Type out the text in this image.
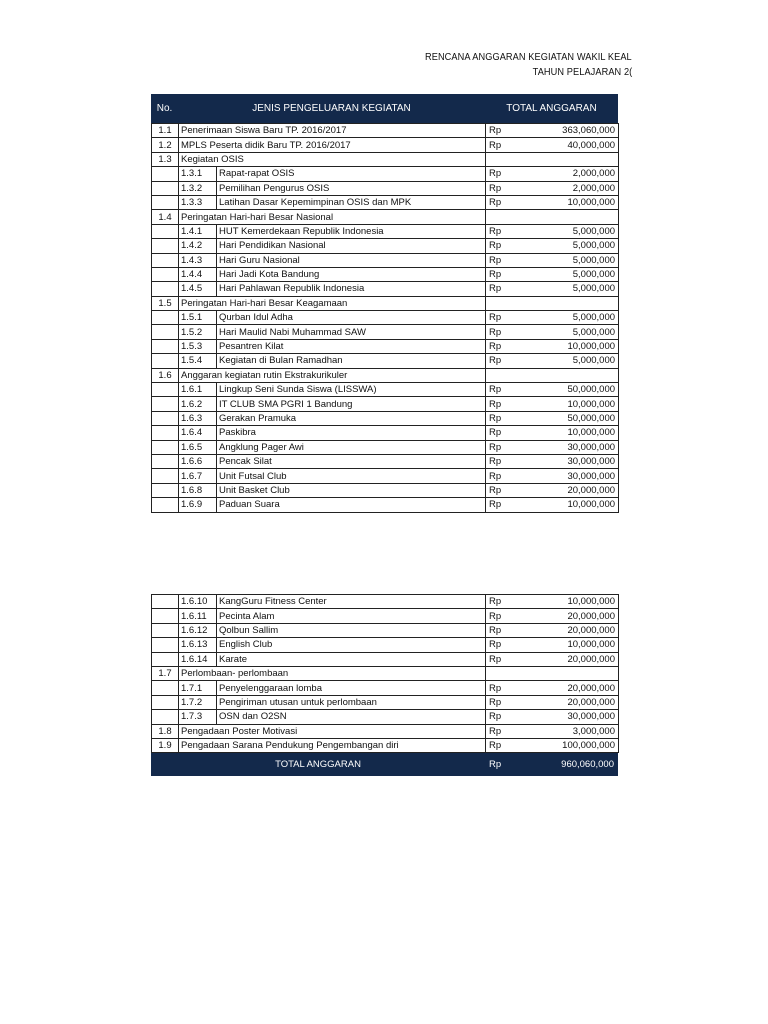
RENCANA ANGGARAN KEGIATAN WAKIL KEAL
TAHUN PELAJARAN 2(
No.	JENIS PENGELUARAN KEGIATAN	TOTAL ANGGARAN
1.1	Penerimaan Siswa Baru TP. 2016/2017		Rp	363,060,000
1.2	MPLS Peserta didik Baru TP. 2016/2017		Rp	40,000,000
1.3	Kegiatan OSIS			
	1.3.1	Rapat-rapat OSIS	Rp	2,000,000
	1.3.2	Pemilihan Pengurus OSIS	Rp	2,000,000
	1.3.3	Latihan Dasar Kepemimpinan OSIS dan MPK	Rp	10,000,000
1.4	Peringatan Hari-hari Besar Nasional			
	1.4.1	HUT Kemerdekaan Republik Indonesia	Rp	5,000,000
	1.4.2	Hari Pendidikan Nasional	Rp	5,000,000
	1.4.3	Hari Guru Nasional	Rp	5,000,000
	1.4.4	Hari Jadi Kota Bandung	Rp	5,000,000
	1.4.5	Hari Pahlawan Republik Indonesia	Rp	5,000,000
1.5	Peringatan Hari-hari Besar Keagamaan			
	1.5.1	Qurban Idul Adha	Rp	5,000,000
	1.5.2	Hari Maulid Nabi Muhammad SAW	Rp	5,000,000
	1.5.3	Pesantren Kilat	Rp	10,000,000
	1.5.4	Kegiatan di Bulan Ramadhan	Rp	5,000,000
1.6	Anggaran kegiatan rutin Ekstrakurikuler			
	1.6.1	Lingkup Seni Sunda Siswa (LISSWA)	Rp	50,000,000
	1.6.2	IT CLUB SMA PGRI 1 Bandung	Rp	10,000,000
	1.6.3	Gerakan Pramuka	Rp	50,000,000
	1.6.4	Paskibra	Rp	10,000,000
	1.6.5	Angklung Pager Awi	Rp	30,000,000
	1.6.6	Pencak Silat	Rp	30,000,000
	1.6.7	Unit Futsal Club	Rp	30,000,000
	1.6.8	Unit Basket Club	Rp	20,000,000
	1.6.9	Paduan Suara	Rp	10,000,000
	1.6.10	KangGuru Fitness Center	Rp	10,000,000
	1.6.11	Pecinta Alam	Rp	20,000,000
	1.6.12	Qolbun Sallim	Rp	20,000,000
	1.6.13	English Club	Rp	10,000,000
	1.6.14	Karate	Rp	20,000,000
1.7	Perlombaan- perlombaan			
	1.7.1	Penyelenggaraan lomba	Rp	20,000,000
	1.7.2	Pengiriman utusan untuk perlombaan	Rp	20,000,000
	1.7.3	OSN dan O2SN	Rp	30,000,000
1.8	Pengadaan Poster Motivasi		Rp	3,000,000
1.9	Pengadaan Sarana Pendukung Pengembangan diri		Rp	100,000,000
TOTAL ANGGARAN	Rp	960,060,000
